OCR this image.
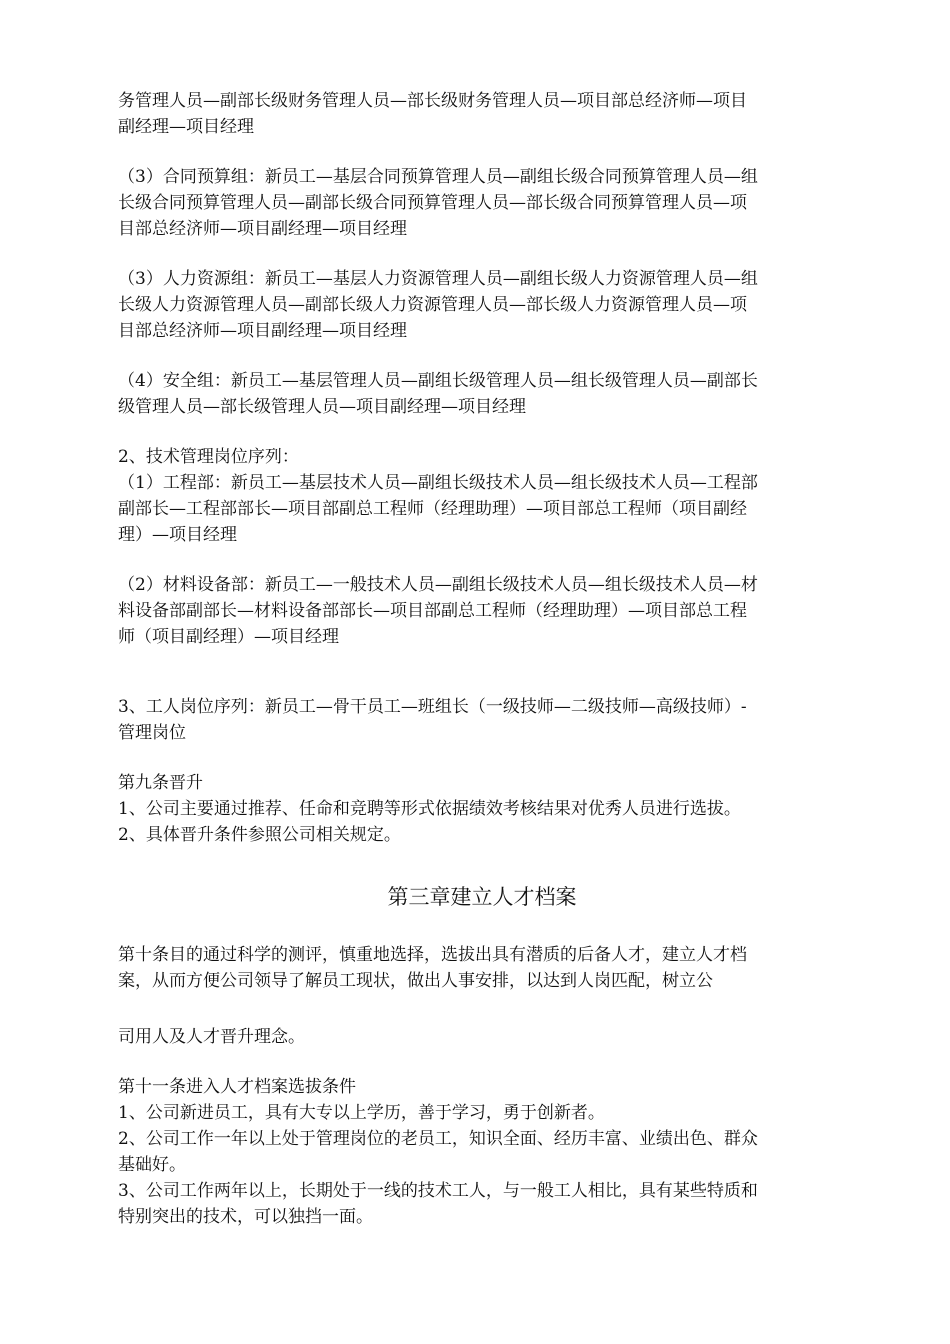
务管理人员—副部长级财务管理人员—部长级财务管理人员—项目部总经济师—项目
副经理—项目经理
（3）合同预算组：新员工—基层合同预算管理人员—副组长级合同预算管理人员—组
长级合同预算管理人员—副部长级合同预算管理人员—部长级合同预算管理人员—项
目部总经济师—项目副经理—项目经理
（3）人力资源组：新员工—基层人力资源管理人员—副组长级人力资源管理人员—组
长级人力资源管理人员—副部长级人力资源管理人员—部长级人力资源管理人员—项
目部总经济师—项目副经理—项目经理
（4）安全组：新员工—基层管理人员—副组长级管理人员—组长级管理人员—副部长
级管理人员—部长级管理人员—项目副经理—项目经理
2、技术管理岗位序列：
（1）工程部：新员工—基层技术人员—副组长级技术人员—组长级技术人员—工程部
副部长—工程部部长—项目部副总工程师（经理助理）—项目部总工程师（项目副经
理）—项目经理
（2）材料设备部：新员工—一般技术人员—副组长级技术人员—组长级技术人员—材
料设备部副部长—材料设备部部长—项目部副总工程师（经理助理）—项目部总工程
师（项目副经理）—项目经理
3、工人岗位序列：新员工—骨干员工—班组长（一级技师—二级技师—高级技师）-
管理岗位
第九条晋升
1、公司主要通过推荐、任命和竞聘等形式依据绩效考核结果对优秀人员进行选拔。
2、具体晋升条件参照公司相关规定。
第三章建立人才档案
第十条目的通过科学的测评，慎重地选择，选拔出具有潜质的后备人才，建立人才档
案，从而方便公司领导了解员工现状，做出人事安排，以达到人岗匹配，树立公
司用人及人才晋升理念。
第十一条进入人才档案选拔条件
1、公司新进员工，具有大专以上学历，善于学习，勇于创新者。
2、公司工作一年以上处于管理岗位的老员工，知识全面、经历丰富、业绩出色、群众
基础好。
3、公司工作两年以上，长期处于一线的技术工人，与一般工人相比，具有某些特质和
特别突出的技术，可以独挡一面。
